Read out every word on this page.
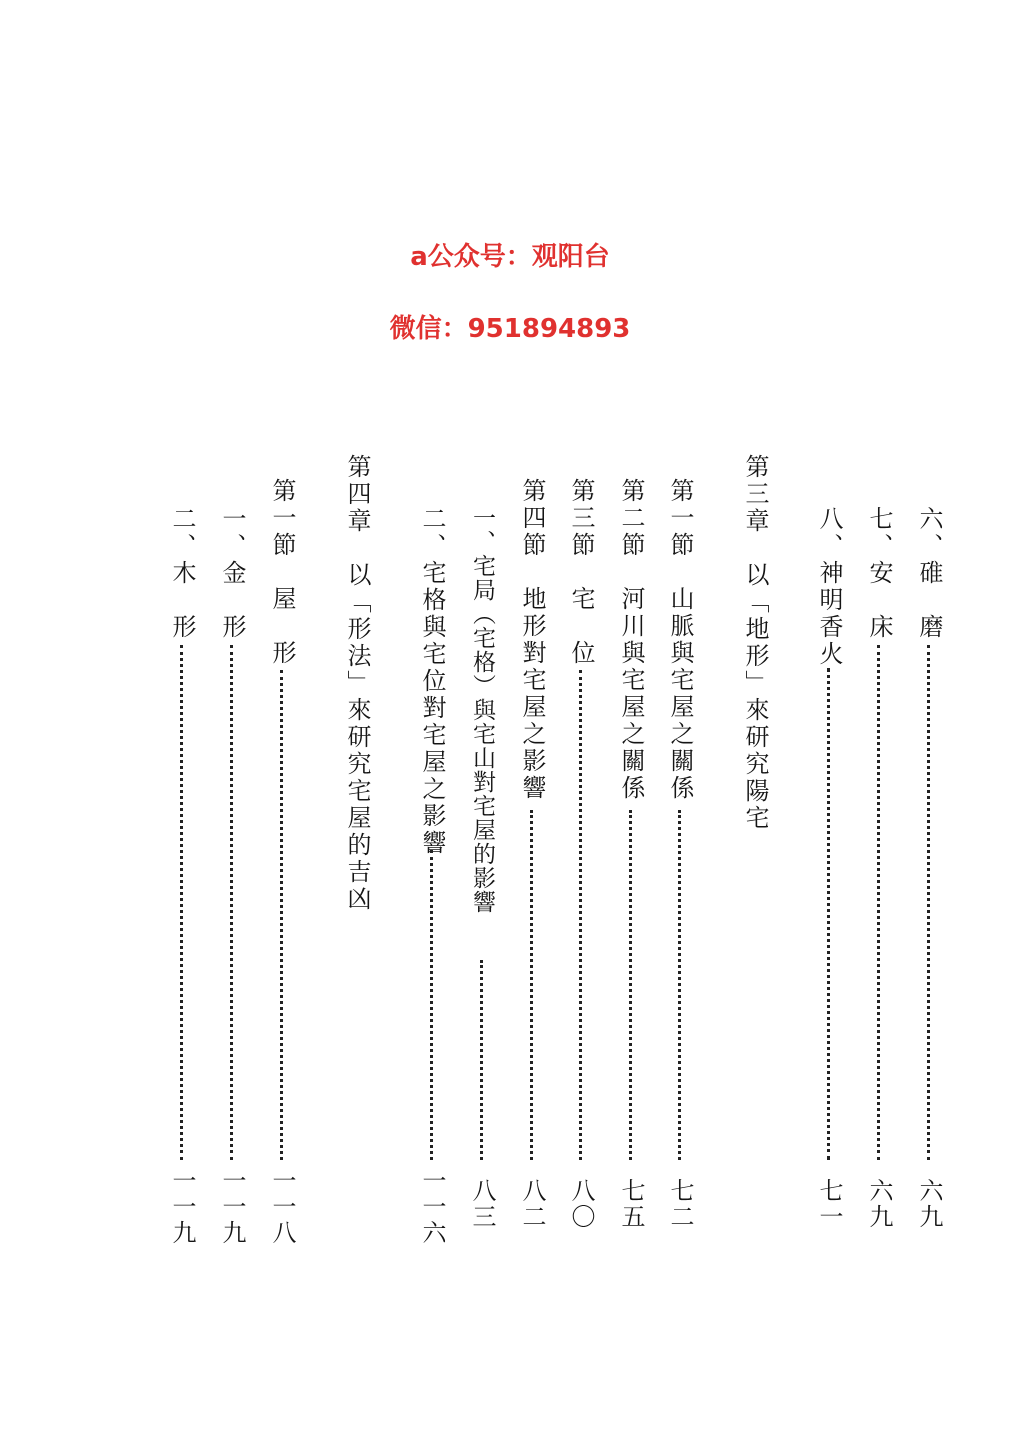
a公众号：观阳台
微信：951894893
六、碓　磨
六九
七、安　床
六九
八、神明香火
七一
第三章　以「地形」來研究陽宅
第一節　山脈與宅屋之關係
七二
第二節　河川與宅屋之關係
七五
第三節　宅　位
八〇
第四節　地形對宅屋之影響
八二
一、宅局（宅格）與宅山對宅屋的影響
八三
二、宅格與宅位對宅屋之影響
一一六
第四章　以「形法」來研究宅屋的吉凶
第一節　屋　形
一一八
一、金　形
一一九
二、木　形
一一九
